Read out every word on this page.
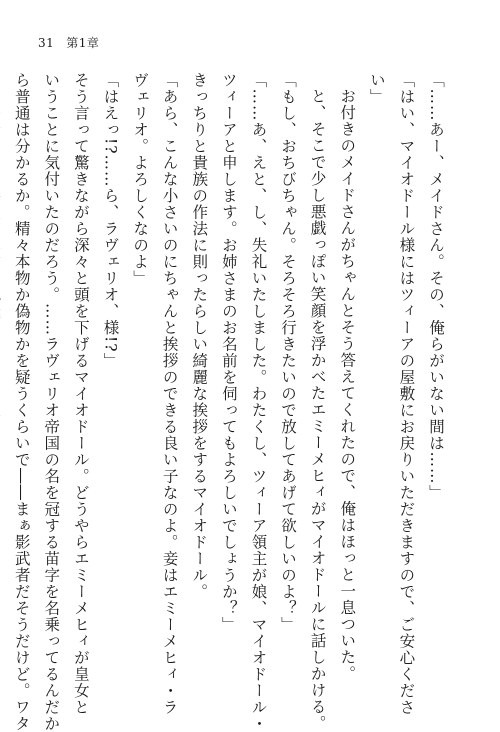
31 第1章
「……あー、メイドさん。その、俺らがいない間は……」
「はい、マイオドール様にはツィーアの屋敷にお戻りいただきますので、ご安心くださ
い」
お付きのメイドさんがちゃんとそう答えてくれたので、俺はほっと一息ついた。
と、そこで少し悪戯っぽい笑顔を浮かべたエミーメヒィがマイオドールに話しかける。
「もし、おちびちゃん。そろそろ行きたいので放してあげて欲しいのよ？」
「……あ、えと、し、失礼いたしました。わたくし、ツィーア領主が娘、マイオドール・
ツィーアと申します。お姉さまのお名前を伺ってもよろしいでしょうか？」
きっちりと貴族の作法に則ったらしい綺麗な挨拶をするマイオドール。
「あら、こんな小さいのにちゃんと挨拶のできる良い子なのよ。妾はエミーメヒィ・ラ
ヴェリオ。よろしくなのよ」
「はえっ!?……ら、ラヴェリオ、様!?」
そう言って驚きながら深々と頭を下げるマイオドール。どうやらエミーメヒィが皇女と
いうことに気付いたのだろう。……ラヴェリオ帝国の名を冠する苗字を名乗ってるんだか
ら普通は分かるか。精々本物か偽物かを疑うくらいで――まぁ影武者だそうだけど。ワタ
